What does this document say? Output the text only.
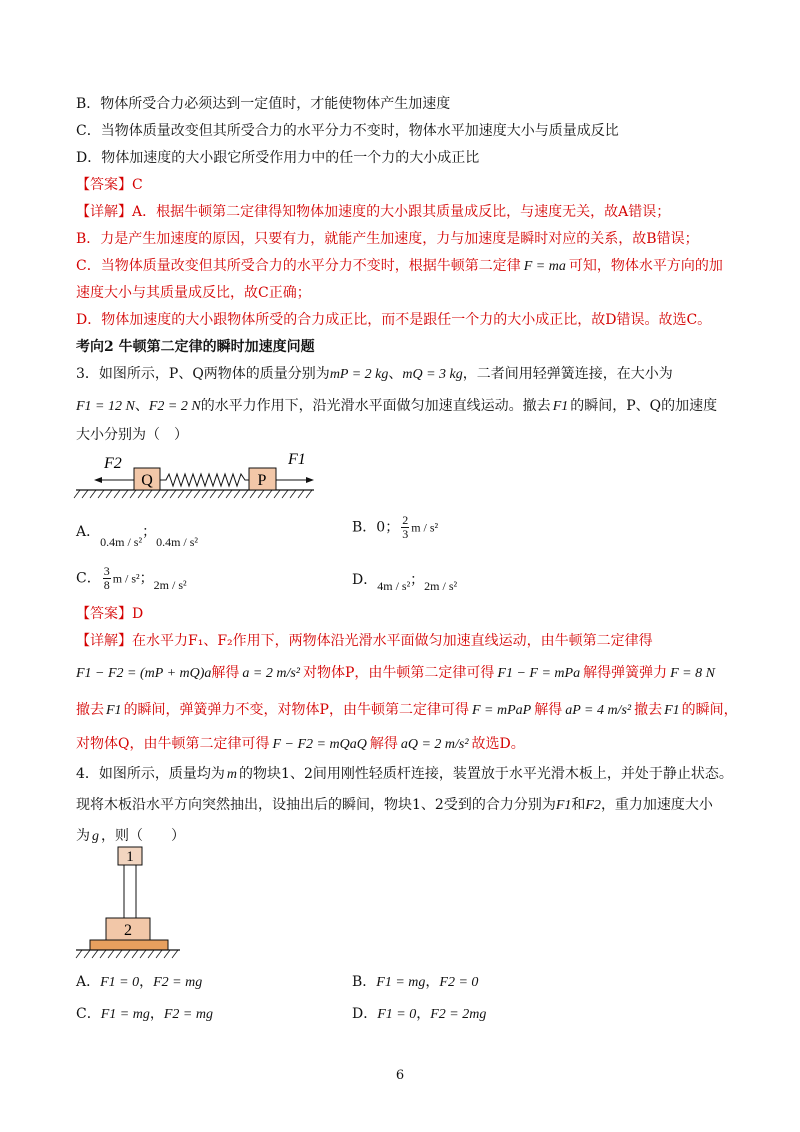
B．物体所受合力必须达到一定值时，才能使物体产生加速度
C．当物体质量改变但其所受合力的水平分力不变时，物体水平加速度大小与质量成反比
D．物体加速度的大小跟它所受作用力中的任一个力的大小成正比
【答案】C
【详解】A．根据牛顿第二定律得知物体加速度的大小跟其质量成反比，与速度无关，故A错误；
B．力是产生加速度的原因，只要有力，就能产生加速度，力与加速度是瞬时对应的关系，故B错误；
C．当物体质量改变但其所受合力的水平分力不变时，根据牛顿第二定律 F = ma 可知，物体水平方向的加
速度大小与其质量成反比，故C正确；
D．物体加速度的大小跟物体所受的合力成正比，而不是跟任一个力的大小成正比，故D错误。故选C。
考向2 牛顿第二定律的瞬时加速度问题
3．如图所示，P、Q两物体的质量分别为mP = 2 kg、mQ = 3 kg，二者间用轻弹簧连接，在大小为
F1 = 12 N、F2 = 2 N的水平力作用下，沿光滑水平面做匀加速直线运动。撤去 F1 的瞬间，P、Q的加速度
大小分别为（　）
Q	P
F2	F1
A．0.4m / s²；0.4m / s²
B．0； $\frac{2}{3}$ m / s²
C． $\frac{3}{8}$ m / s²；2m / s²	D．4m / s²；2m / s²
【答案】D
【详解】在水平力F₁、F₂作用下，两物体沿光滑水平面做匀加速直线运动，由牛顿第二定律得
F1 − F2 = (mP + mQ)a解得 a = 2 m/s² 对物体P，由牛顿第二定律可得 F1 − F = mPa 解得弹簧弹力 F = 8 N
撤去 F1 的瞬间，弹簧弹力不变，对物体P，由牛顿第二定律可得 F = mPaP 解得 aP = 4 m/s² 撤去 F1 的瞬间，
对物体Q，由牛顿第二定律可得 F − F2 = mQaQ 解得 aQ = 2 m/s² 故选D。
4．如图所示，质量均为 m 的物块1、2间用刚性轻质杆连接，装置放于水平光滑木板上，并处于静止状态。
现将木板沿水平方向突然抽出，设抽出后的瞬间，物块1、2受到的合力分别为F1和F2，重力加速度大小
为 g ，则（　　）
1
2
A．F1 = 0，F2 = mg	B．F1 = mg，F2 = 0
C．F1 = mg，F2 = mg	D．F1 = 0，F2 = 2mg
6
